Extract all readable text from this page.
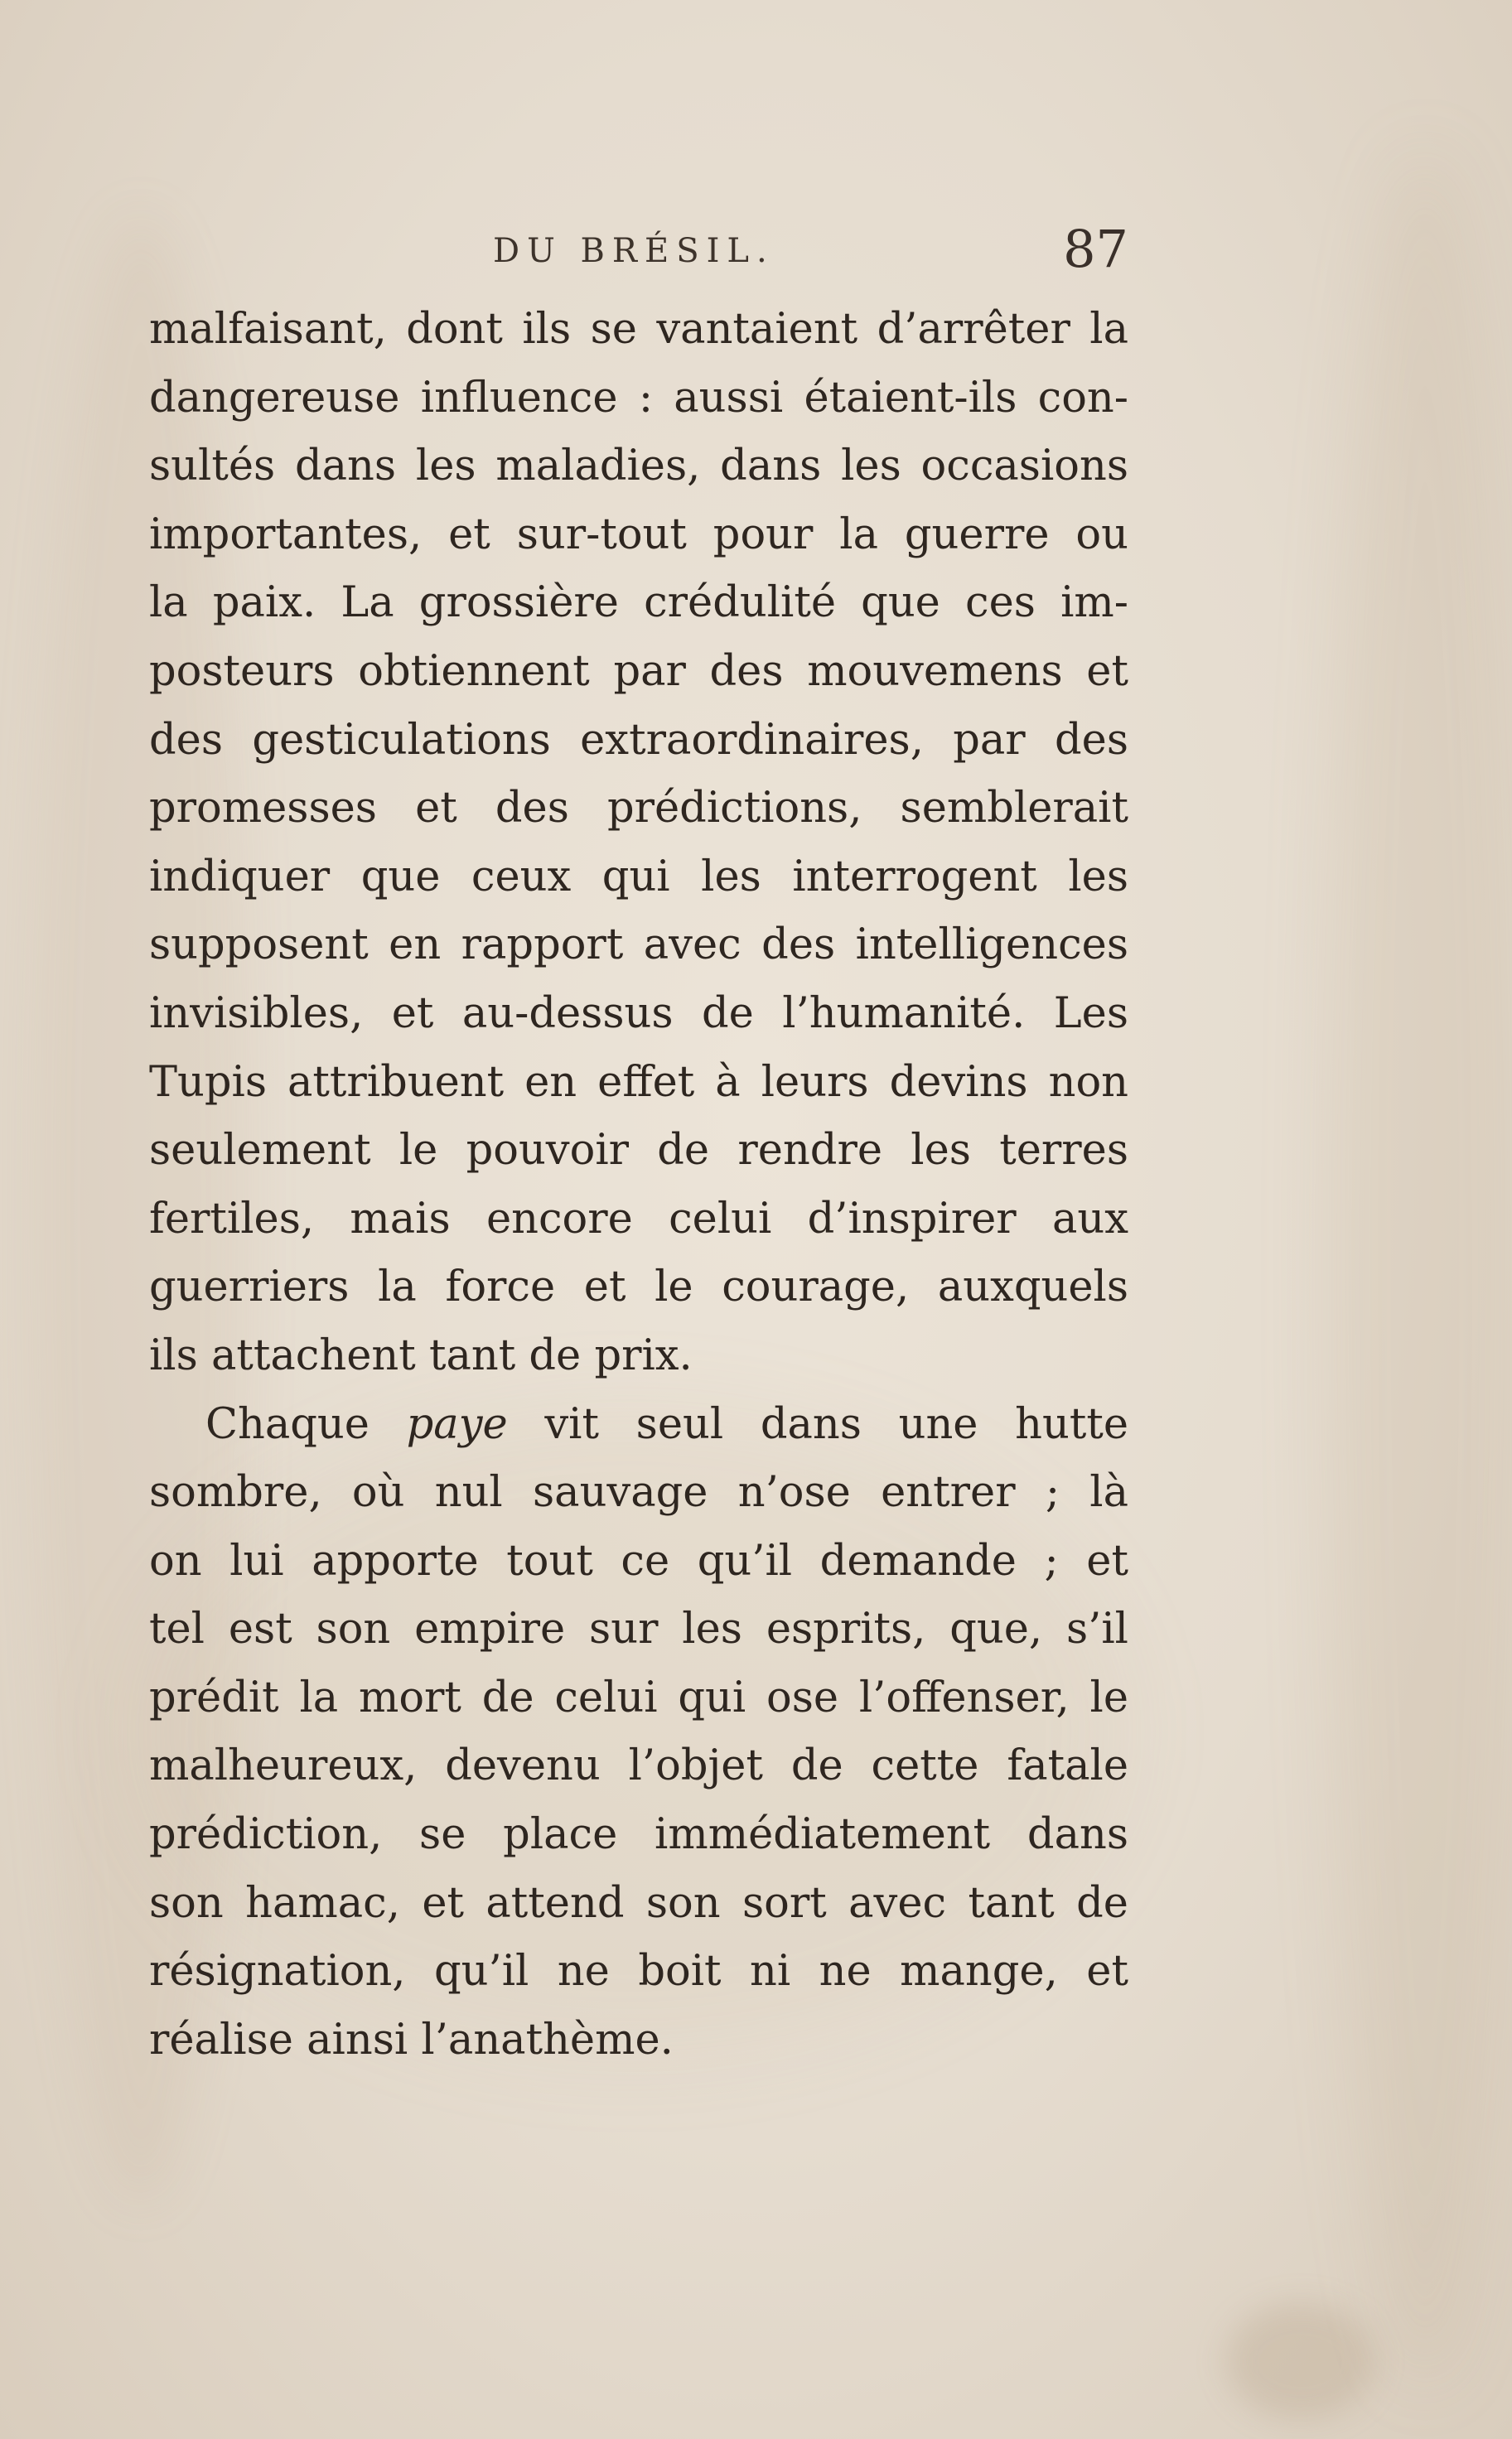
DU BRÉSIL.	87
malfaisant, dont ils se vantaient d’arrêter la
dangereuse influence : aussi étaient-ils con-
sultés dans les maladies, dans les occasions
importantes, et sur-tout pour la guerre ou
la paix. La grossière crédulité que ces im-
posteurs obtiennent par des mouvemens et
des gesticulations extraordinaires, par des
promesses et des prédictions, semblerait
indiquer que ceux qui les interrogent les
supposent en rapport avec des intelligences
invisibles, et au-dessus de l’humanité. Les
Tupis attribuent en effet à leurs devins non
seulement le pouvoir de rendre les terres
fertiles, mais encore celui d’inspirer aux
guerriers la force et le courage, auxquels
ils attachent tant de prix.
Chaque paye vit seul dans une hutte
sombre, où nul sauvage n’ose entrer ; là
on lui apporte tout ce qu’il demande ; et
tel est son empire sur les esprits, que, s’il
prédit la mort de celui qui ose l’offenser, le
malheureux, devenu l’objet de cette fatale
prédiction, se place immédiatement dans
son hamac, et attend son sort avec tant de
résignation, qu’il ne boit ni ne mange, et
réalise ainsi l’anathème.
